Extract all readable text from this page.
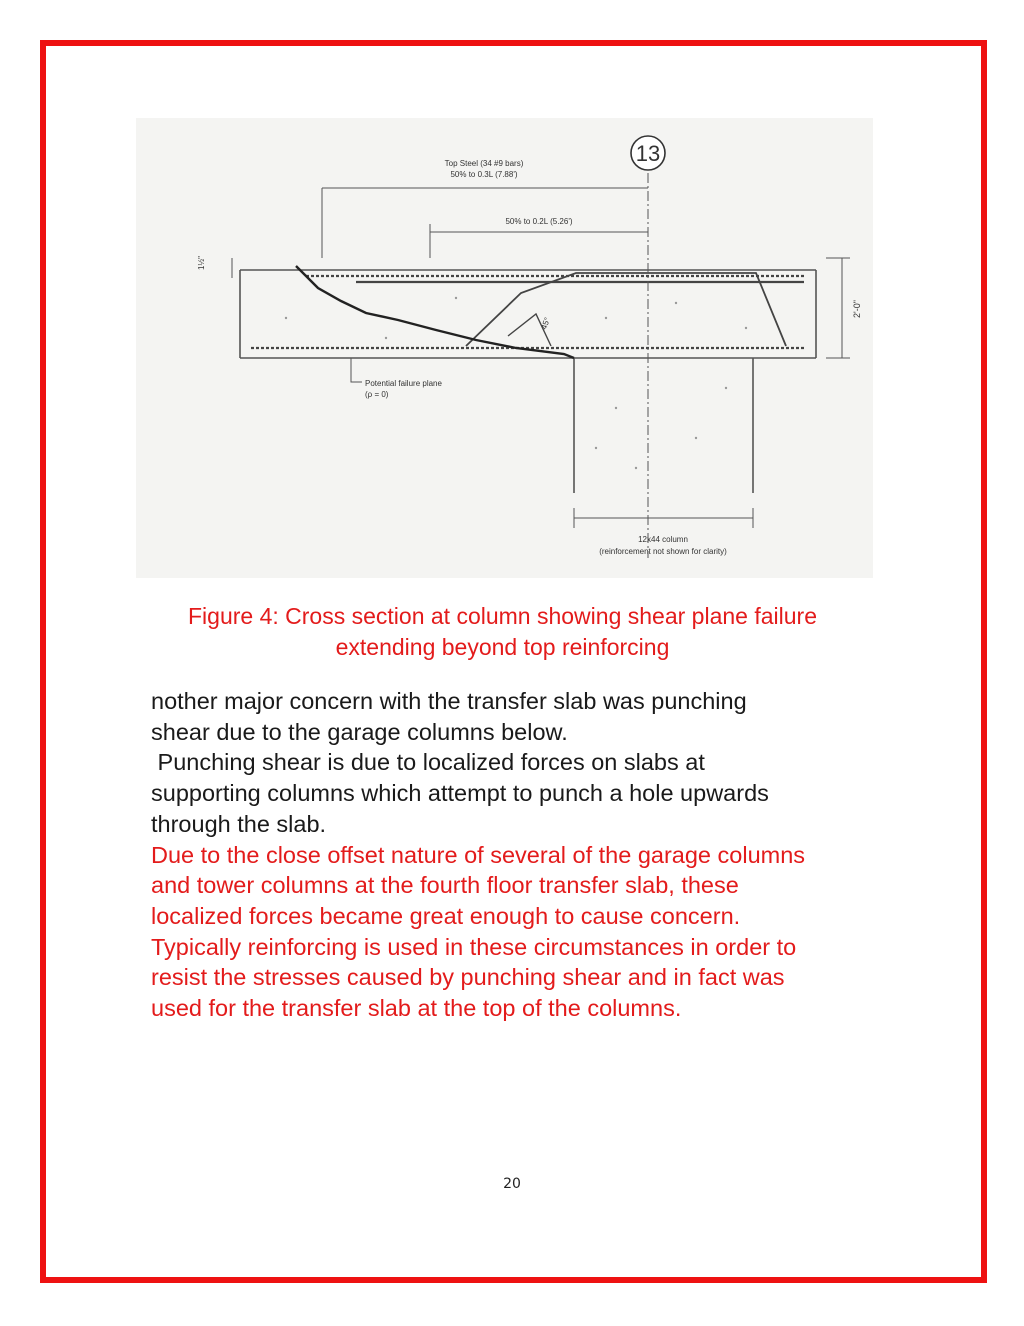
13
Top Steel (34 #9 bars)
50% to 0.3L (7.88')
50% to 0.2L (5.26')
1½"
2'-0"
45°
Potential failure plane
(ρ = 0)
12x44 column
(reinforcement not shown for clarity)
Figure 4: Cross section at column showing shear plane failure
extending beyond top reinforcing
nother major concern with the transfer slab was punching
shear due to the garage columns below.
Punching shear is due to localized forces on slabs at
supporting columns which attempt to punch a hole upwards
through the slab.
Due to the close offset nature of several of the garage columns
and tower columns at the fourth floor transfer slab, these
localized forces became great enough to cause concern.
Typically reinforcing is used in these circumstances in order to
resist the stresses caused by punching shear and in fact was
used for the transfer slab at the top of the columns.
20
